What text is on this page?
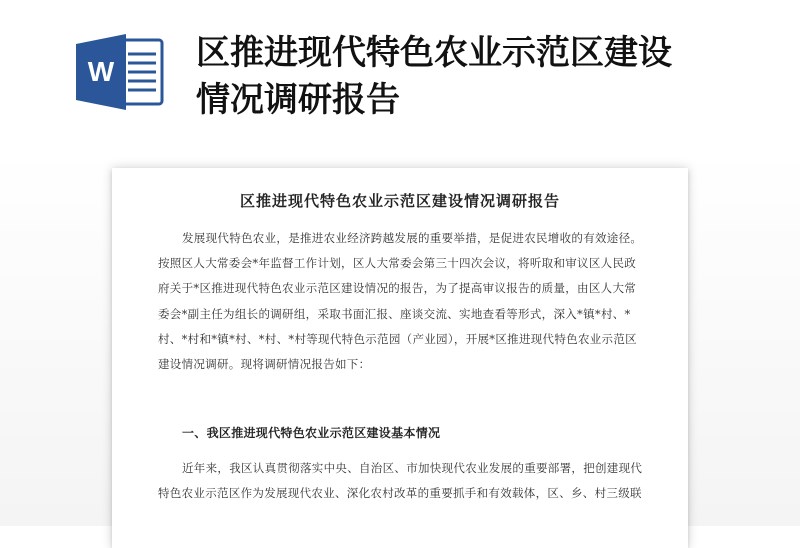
W 区推进现代特色农业示范区建设
情况调研报告
区推进现代特色农业示范区建设情况调研报告
发展现代特色农业，是推进农业经济跨越发展的重要举措，是促进农民增收的有效途径。
按照区人大常委会*年监督工作计划，区人大常委会第三十四次会议，将听取和审议区人民政
府关于*区推进现代特色农业示范区建设情况的报告，为了提高审议报告的质量，由区人大常
委会*副主任为组长的调研组，采取书面汇报、座谈交流、实地查看等形式，深入*镇*村、*
村、*村和*镇*村、*村、*村等现代特色示范园（产业园），开展*区推进现代特色农业示范区
建设情况调研。现将调研情况报告如下：
一、我区推进现代特色农业示范区建设基本情况
近年来，我区认真贯彻落实中央、自治区、市加快现代农业发展的重要部署，把创建现代
特色农业示范区作为发展现代农业、深化农村改革的重要抓手和有效载体，区、乡、村三级联
